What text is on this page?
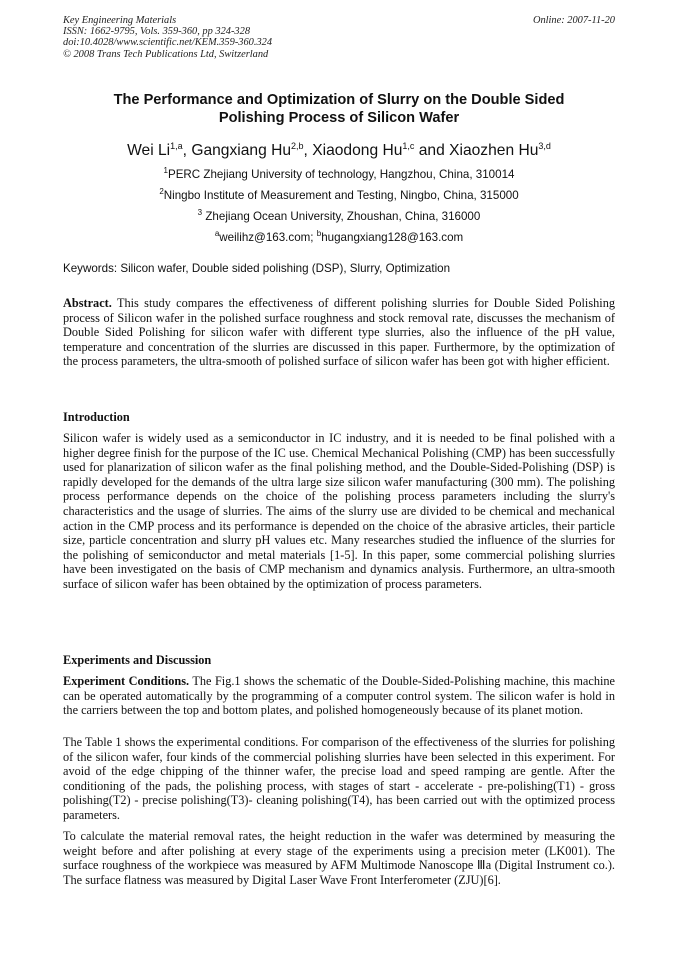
Key Engineering Materials
ISSN: 1662-9795, Vols. 359-360, pp 324-328
doi:10.4028/www.scientific.net/KEM.359-360.324
© 2008 Trans Tech Publications Ltd, Switzerland
Online: 2007-11-20
The Performance and Optimization of Slurry on the Double Sided
Polishing Process of Silicon Wafer
Wei Li$^{1,a}$, Gangxiang Hu$^{2,b}$, Xiaodong Hu$^{1,c}$ and Xiaozhen Hu$^{3,d}$
$^1$PERC Zhejiang University of technology, Hangzhou, China, 310014
$^2$Ningbo Institute of Measurement and Testing, Ningbo, China, 315000
$^3$ Zhejiang Ocean University, Zhoushan, China, 316000
$^a$weilihz@163.com; $^b$hugangxiang128@163.com
Keywords: Silicon wafer, Double sided polishing (DSP), Slurry, Optimization
Abstract. This study compares the effectiveness of different polishing slurries for Double Sided Polishing process of Silicon wafer in the polished surface roughness and stock removal rate, discusses the mechanism of Double Sided Polishing for silicon wafer with different type slurries, also the influence of the pH value, temperature and concentration of the slurries are discussed in this paper. Furthermore, by the optimization of the process parameters, the ultra-smooth of polished surface of silicon wafer has been got with higher efficient.
Introduction
Silicon wafer is widely used as a semiconductor in IC industry, and it is needed to be final polished with a higher degree finish for the purpose of the IC use. Chemical Mechanical Polishing (CMP) has been successfully used for planarization of silicon wafer as the final polishing method, and the Double-Sided-Polishing (DSP) is rapidly developed for the demands of the ultra large size silicon wafer manufacturing (300 mm). The polishing process performance depends on the choice of the polishing process parameters including the slurry's characteristics and the usage of slurries. The aims of the slurry use are divided to be chemical and mechanical action in the CMP process and its performance is depended on the choice of the abrasive articles, their particle size, particle concentration and slurry pH values etc. Many researches studied the influence of the slurries for the polishing of semiconductor and metal materials [1-5]. In this paper, some commercial polishing slurries have been investigated on the basis of CMP mechanism and dynamics analysis. Furthermore, an ultra-smooth surface of silicon wafer has been obtained by the optimization of process parameters.
Experiments and Discussion
Experiment Conditions. The Fig.1 shows the schematic of the Double-Sided-Polishing machine, this machine can be operated automatically by the programming of a computer control system. The silicon wafer is hold in the carriers between the top and bottom plates, and polished homogeneously because of its planet motion.
The Table 1 shows the experimental conditions. For comparison of the effectiveness of the slurries for polishing of the silicon wafer, four kinds of the commercial polishing slurries have been selected in this experiment. For avoid of the edge chipping of the thinner wafer, the precise load and speed ramping are gentle. After the conditioning of the pads, the polishing process, with stages of start - accelerate - pre-polishing(T1) - gross polishing(T2) - precise polishing(T3)- cleaning polishing(T4), has been carried out with the optimized process parameters.
To calculate the material removal rates, the height reduction in the wafer was determined by measuring the weight before and after polishing at every stage of the experiments using a precision meter (LK001). The surface roughness of the workpiece was measured by AFM Multimode Nanoscope Ⅲa (Digital Instrument co.). The surface flatness was measured by Digital Laser Wave Front Interferometer (ZJU)[6].
